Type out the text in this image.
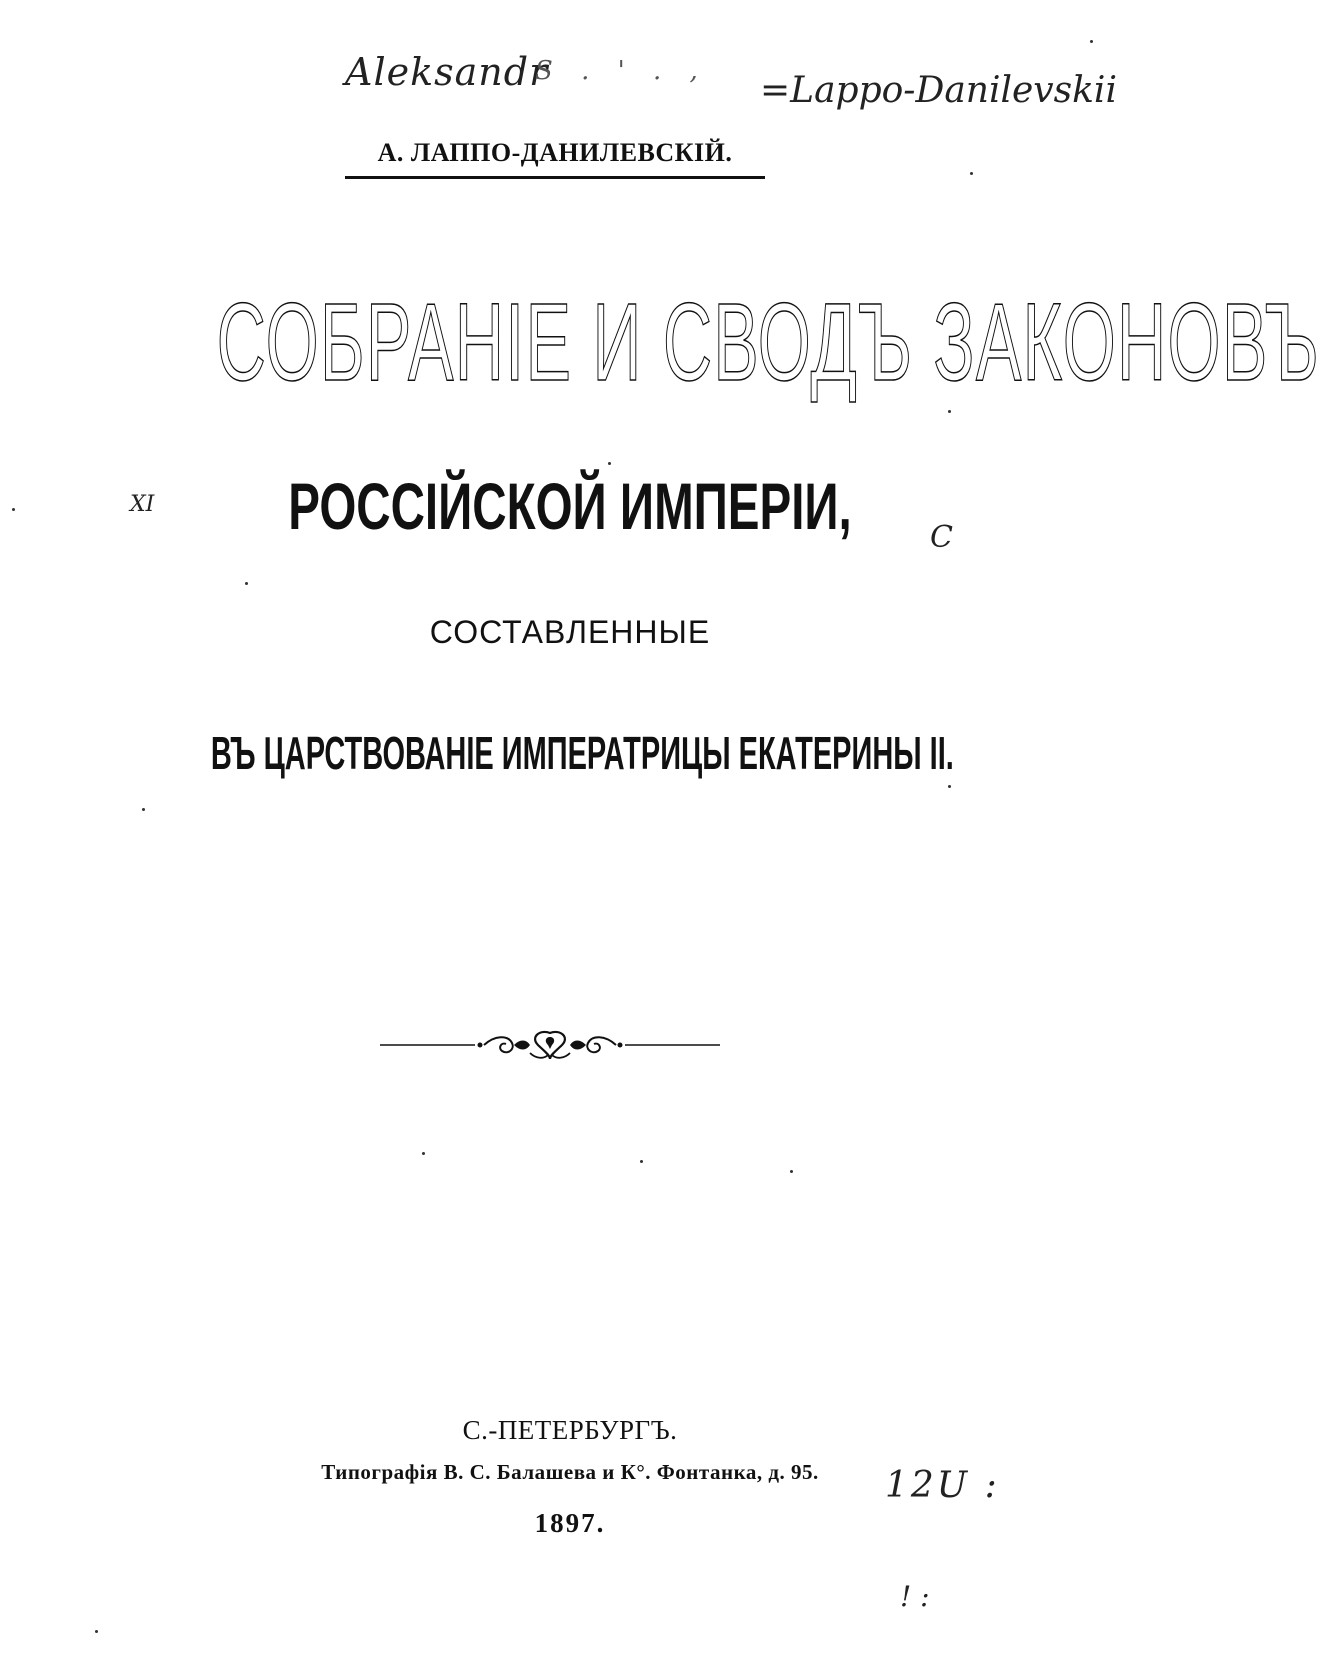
Aleksandr
S . ' . , =Lappo-Danilevskii
XI
C
12U :
! :
А. ЛАППО-ДАНИЛЕВСКІЙ.
СОБРАНІЕ И СВОДЪ ЗАКОНОВЪ
РОССІЙСКОЙ ИМПЕРІИ,
СОСТАВЛЕННЫЕ
ВЪ ЦАРСТВОВАНІЕ ИМПЕРАТРИЦЫ ЕКАТЕРИНЫ II.
С.-ПЕТЕРБУРГЪ.
Типографія В. С. Балашева и К°. Фонтанка, д. 95.
1897.
